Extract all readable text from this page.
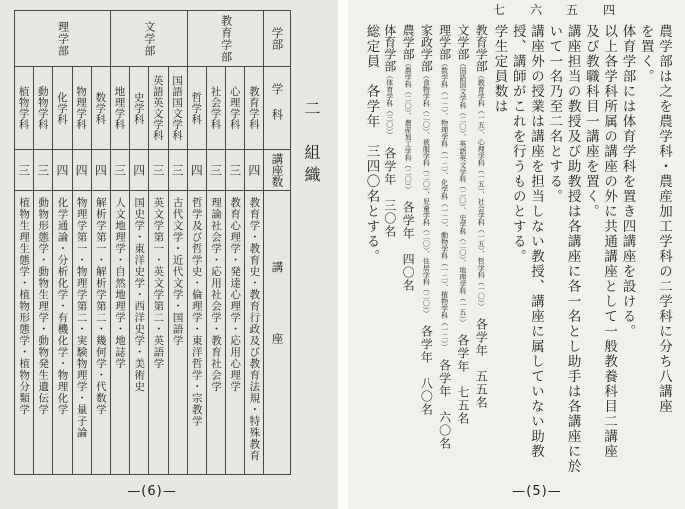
学部
学科
講座数
講座
教育学部
文学部
理学部
教育学科
四
教育学・教育史・教育行政及び教育法規・特殊教育
心理学科
三
教育心理学・発達心理学・応用心理学
社会学科
三
理論社会学・応用社会学・教育社会学
哲学科
四
哲学及び哲学史・倫理学・東洋哲学・宗教学
国語国文学科
三
古代文学・近代文学・国語学
英語英文学科
三
英文学第一・英文学第二・英語学
史学科
四
国史学・東洋史学・西洋史学・美術史
地理学科
三
人文地理学・自然地理学・地誌学
数学科
四
解析学第一・解析学第二・幾何学・代数学
物理学科
四
物理学第一・物理学第二・実験物理学・量子論
化学科
四
化学通論・分析化学・有機化学・物理化学
動物学科
三
動物形態学・動物生理学・動物発生遺伝学
植物学科
三
植物生理生態学・植物形態学・植物分類学
二　組織
—(6)—
四
五
六
七
農学部は之を農学科・農産加工学科の二学科に分ち八講座
を置く。
体育学部には体育学科を置き四講座を設ける。
以上各学科所属の講座の外に共通講座として一般教養科目二講座
及び教職科目一講座を置く。
講座担当の教授及び助教授は各講座に各一名とし助手は各講座に於
いて一名乃至二名とする。
講座外の授業は講座を担当しない教授、講座に属していない助教
授、講師がこれを行うものとする。
学生定員数は
教育学部（教育学科（一五）、心理学科（一五）、社会学科（一五）、哲学科（一〇））各学年　五五名
文学部（国語国文学科（二〇）、英語英文学科（二〇）、史学科（二〇）、地理学科（一五））各学年　七五名
理学部（数学科（一二）、物理学科（一二）、化学科（一二）、動物学科（一二）、植物学科（一二））各学年　六〇名
家政学部（食物学科（二〇）、被服学科（二〇）、児童学科（二〇）、住居学科（二〇））各学年　八〇名
農学部（農学科（二〇）、農産加工学科（二〇））各学年　四〇名
体育学部（体育学科（三〇））各学年　三〇名
総定員　各学年　三四〇名とする。
—(5)—
